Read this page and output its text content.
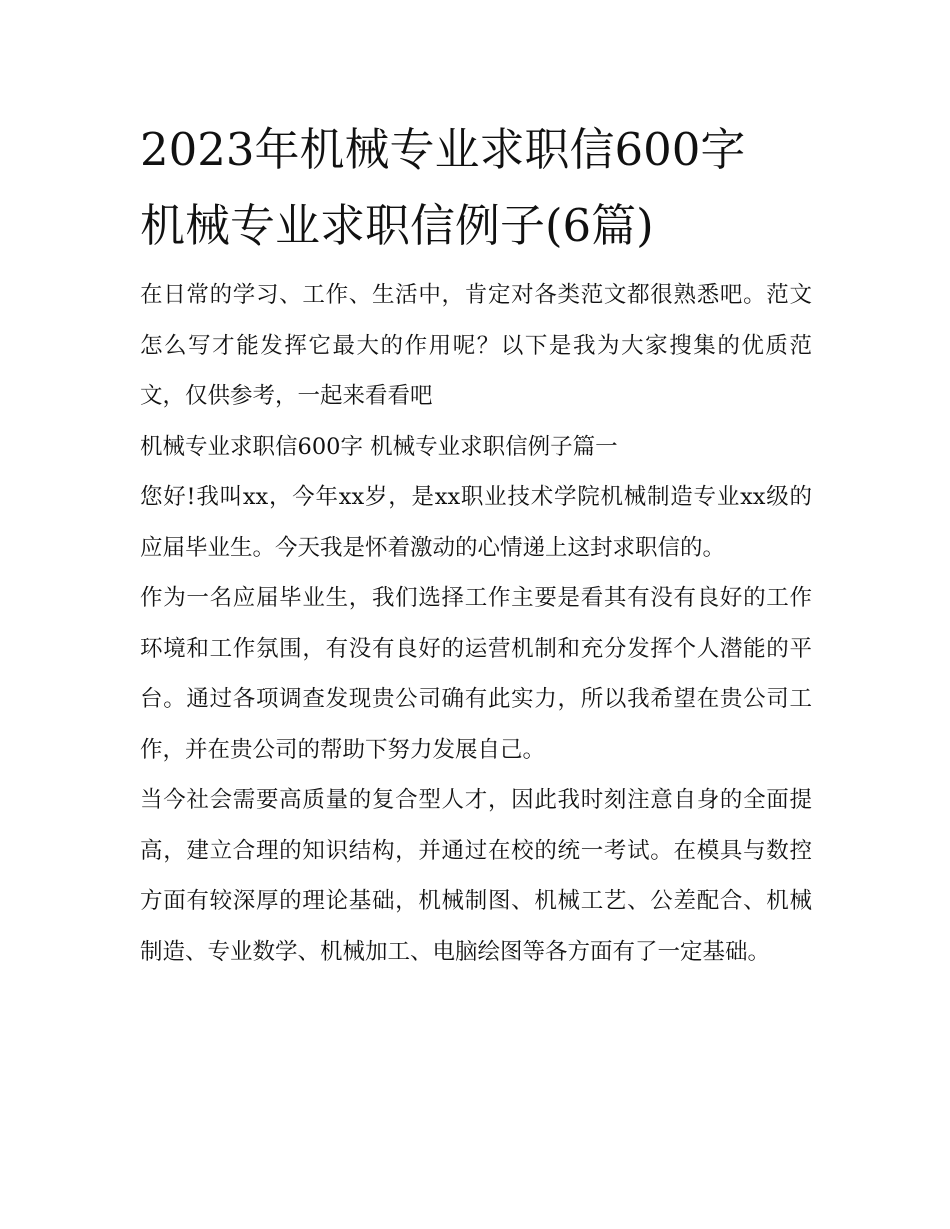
2023年机械专业求职信600字
机械专业求职信例子(6篇)

在日常的学习、工作、生活中，肯定对各类范文都很熟悉吧。范文怎么写才能发挥它最大的作用呢？以下是我为大家搜集的优质范文，仅供参考，一起来看看吧

机械专业求职信600字 机械专业求职信例子篇一

您好!我叫xx，今年xx岁，是xx职业技术学院机械制造专业xx级的应届毕业生。今天我是怀着激动的心情递上这封求职信的。

作为一名应届毕业生，我们选择工作主要是看其有没有良好的工作环境和工作氛围，有没有良好的运营机制和充分发挥个人潜能的平台。通过各项调查发现贵公司确有此实力，所以我希望在贵公司工作，并在贵公司的帮助下努力发展自己。

当今社会需要高质量的复合型人才，因此我时刻注意自身的全面提高，建立合理的知识结构，并通过在校的统一考试。在模具与数控方面有较深厚的理论基础，机械制图、机械工艺、公差配合、机械制造、专业数学、机械加工、电脑绘图等各方面有了一定基础。
